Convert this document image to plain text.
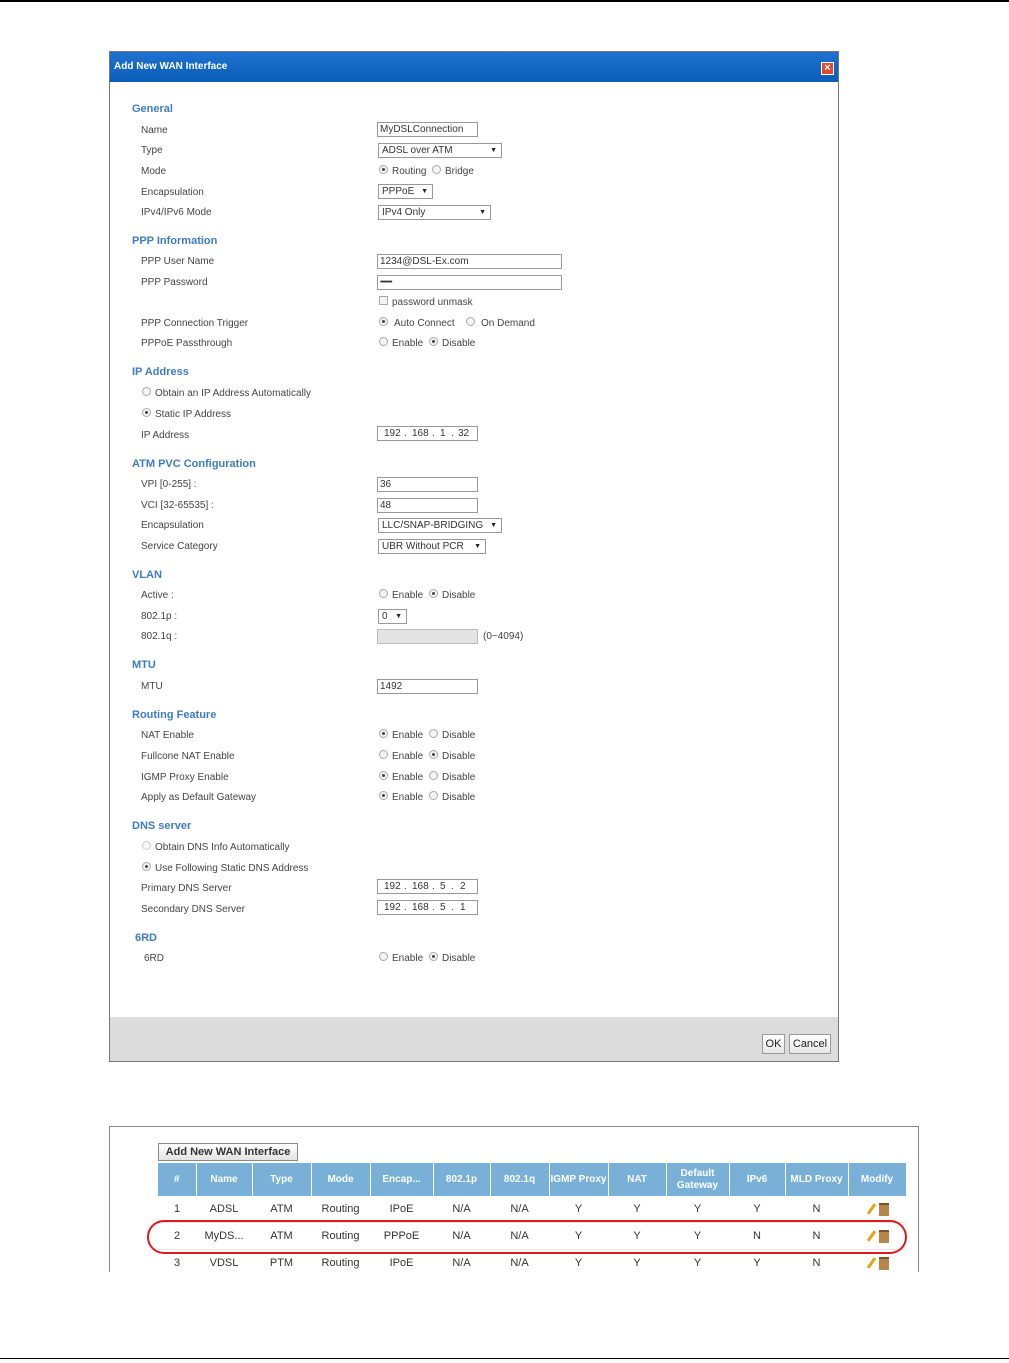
Add New WAN Interface	×
General
Name	MyDSLConnection
Type	ADSL over ATM	▼
Mode	Routing Bridge
Encapsulation	PPPoE ▼
IPv4/IPv6 Mode	IPv4 Only	▼
PPP Information
PPP User Name	1234@DSL-Ex.com
PPP Password	••••••••
password unmask
PPP Connection Trigger	Auto Connect	On Demand
PPPoE Passthrough	Enable Disable
IP Address
Obtain an IP Address Automatically
Static IP Address
IP Address	192 . 168 . 1 . 32
ATM PVC Configuration
VPI [0-255] :	36
VCI [32-65535] :	48
Encapsulation	LLC/SNAP-BRIDGING ▼
Service Category	UBR Without PCR ▼
VLAN
Active :	Enable Disable
802.1p :	0 ▼
802.1q :	(0~4094)
MTU
MTU	1492
Routing Feature
NAT Enable	Enable Disable
Fullcone NAT Enable	Enable Disable
IGMP Proxy Enable	Enable Disable
Apply as Default Gateway	Enable Disable
DNS server
Obtain DNS Info Automatically
Use Following Static DNS Address
Primary DNS Server	192 . 168 . 5 . 2
Secondary DNS Server	192 . 168 . 5 . 1
6RD
6RD	Enable Disable
OK	Cancel
Add New WAN Interface
#	Name	Type	Mode	Encap...	802.1p	802.1q	IGMP Proxy	NAT	Default Gateway	IPv6	MLD Proxy	Modify
1	ADSL	ATM	Routing	IPoE	N/A	N/A	Y	Y	Y	Y	N	
2	MyDS...	ATM	Routing	PPPoE	N/A	N/A	Y	Y	Y	N	N	
3	VDSL	PTM	Routing	IPoE	N/A	N/A	Y	Y	Y	Y	N	
